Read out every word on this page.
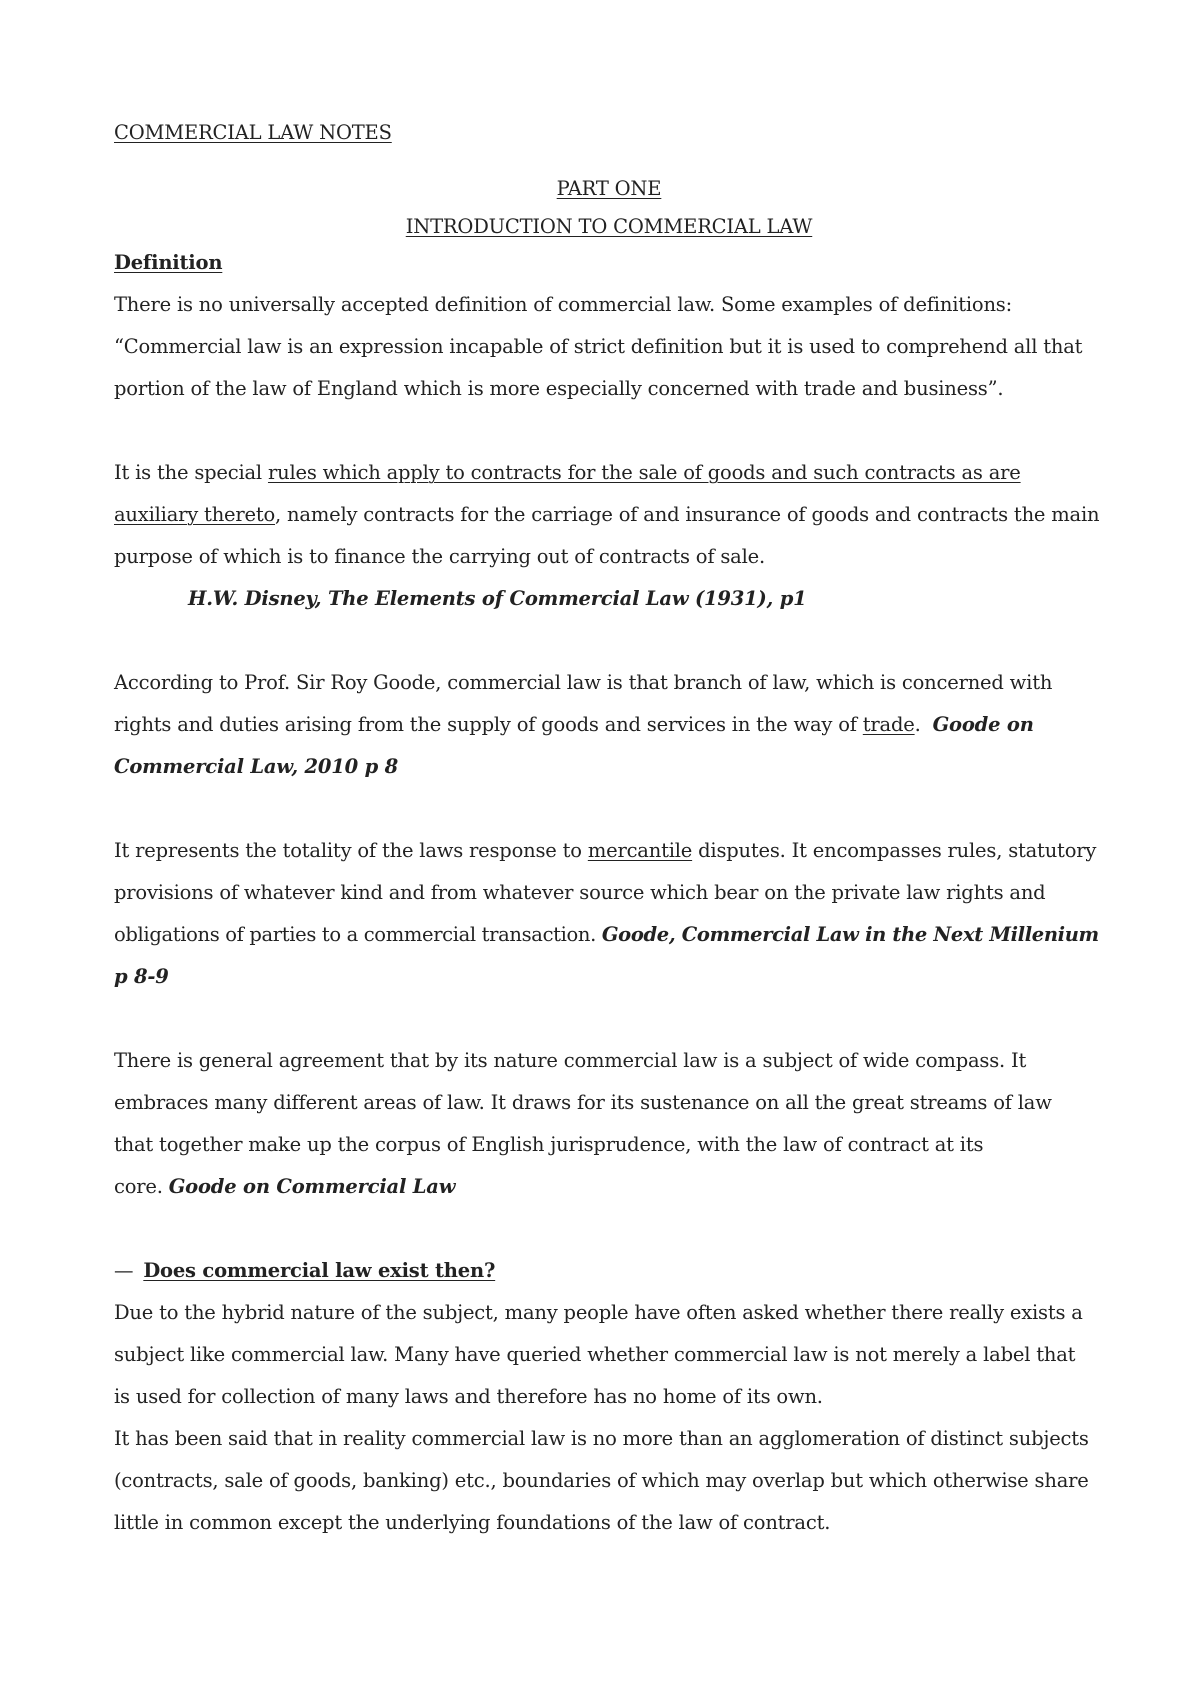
COMMERCIAL LAW NOTES
PART ONE
INTRODUCTION TO COMMERCIAL LAW
Definition
There is no universally accepted definition of commercial law. Some examples of definitions:
“Commercial law is an expression incapable of strict definition but it is used to comprehend all that
portion of the law of England which is more especially concerned with trade and business”.
It is the special rules which apply to contracts for the sale of goods and such contracts as are
auxiliary thereto, namely contracts for the carriage of and insurance of goods and contracts the main
purpose of which is to finance the carrying out of contracts of sale.
H.W. Disney, The Elements of Commercial Law (1931), p1
According to Prof. Sir Roy Goode, commercial law is that branch of law, which is concerned with
rights and duties arising from the supply of goods and services in the way of trade.  Goode on
Commercial Law, 2010 p 8
It represents the totality of the laws response to mercantile disputes. It encompasses rules, statutory
provisions of whatever kind and from whatever source which bear on the private law rights and
obligations of parties to a commercial transaction. Goode, Commercial Law in the Next Millenium
p 8-9
There is general agreement that by its nature commercial law is a subject of wide compass. It
embraces many different areas of law. It draws for its sustenance on all the great streams of law
that together make up the corpus of English jurisprudence, with the law of contract at its
core. Goode on Commercial Law
— Does commercial law exist then?
Due to the hybrid nature of the subject, many people have often asked whether there really exists a
subject like commercial law. Many have queried whether commercial law is not merely a label that
is used for collection of many laws and therefore has no home of its own.
It has been said that in reality commercial law is no more than an agglomeration of distinct subjects
(contracts, sale of goods, banking) etc., boundaries of which may overlap but which otherwise share
little in common except the underlying foundations of the law of contract.
